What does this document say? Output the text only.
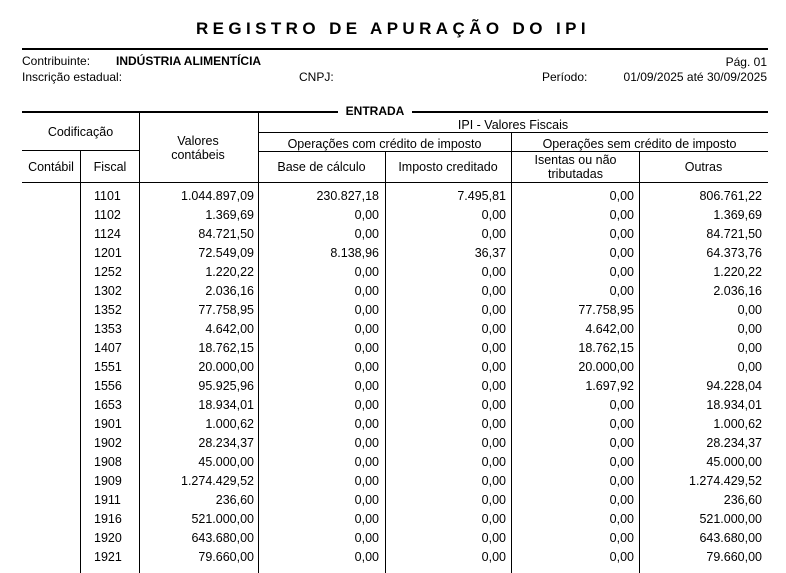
REGISTRO DE APURAÇÃO DO IPI
Contribuinte: INDÚSTRIA ALIMENTÍCIA	Pág. 01
Inscrição estadual:	CNPJ:	Período:	01/09/2025 até 30/09/2025
ENTRADA
Codificação
Contábil	Fiscal
Valores contábeis
IPI - Valores Fiscais
Operações com crédito de imposto	Operações sem crédito de imposto
Base de cálculo	Imposto creditado	Isentas ou não tributadas	Outras
1101	1.044.897,09	230.827,18	7.495,81	0,00	806.761,22
1102	1.369,69	0,00	0,00	0,00	1.369,69
1124	84.721,50	0,00	0,00	0,00	84.721,50
1201	72.549,09	8.138,96	36,37	0,00	64.373,76
1252	1.220,22	0,00	0,00	0,00	1.220,22
1302	2.036,16	0,00	0,00	0,00	2.036,16
1352	77.758,95	0,00	0,00	77.758,95	0,00
1353	4.642,00	0,00	0,00	4.642,00	0,00
1407	18.762,15	0,00	0,00	18.762,15	0,00
1551	20.000,00	0,00	0,00	20.000,00	0,00
1556	95.925,96	0,00	0,00	1.697,92	94.228,04
1653	18.934,01	0,00	0,00	0,00	18.934,01
1901	1.000,62	0,00	0,00	0,00	1.000,62
1902	28.234,37	0,00	0,00	0,00	28.234,37
1908	45.000,00	0,00	0,00	0,00	45.000,00
1909	1.274.429,52	0,00	0,00	0,00	1.274.429,52
1911	236,60	0,00	0,00	0,00	236,60
1916	521.000,00	0,00	0,00	0,00	521.000,00
1920	643.680,00	0,00	0,00	0,00	643.680,00
1921	79.660,00	0,00	0,00	0,00	79.660,00
